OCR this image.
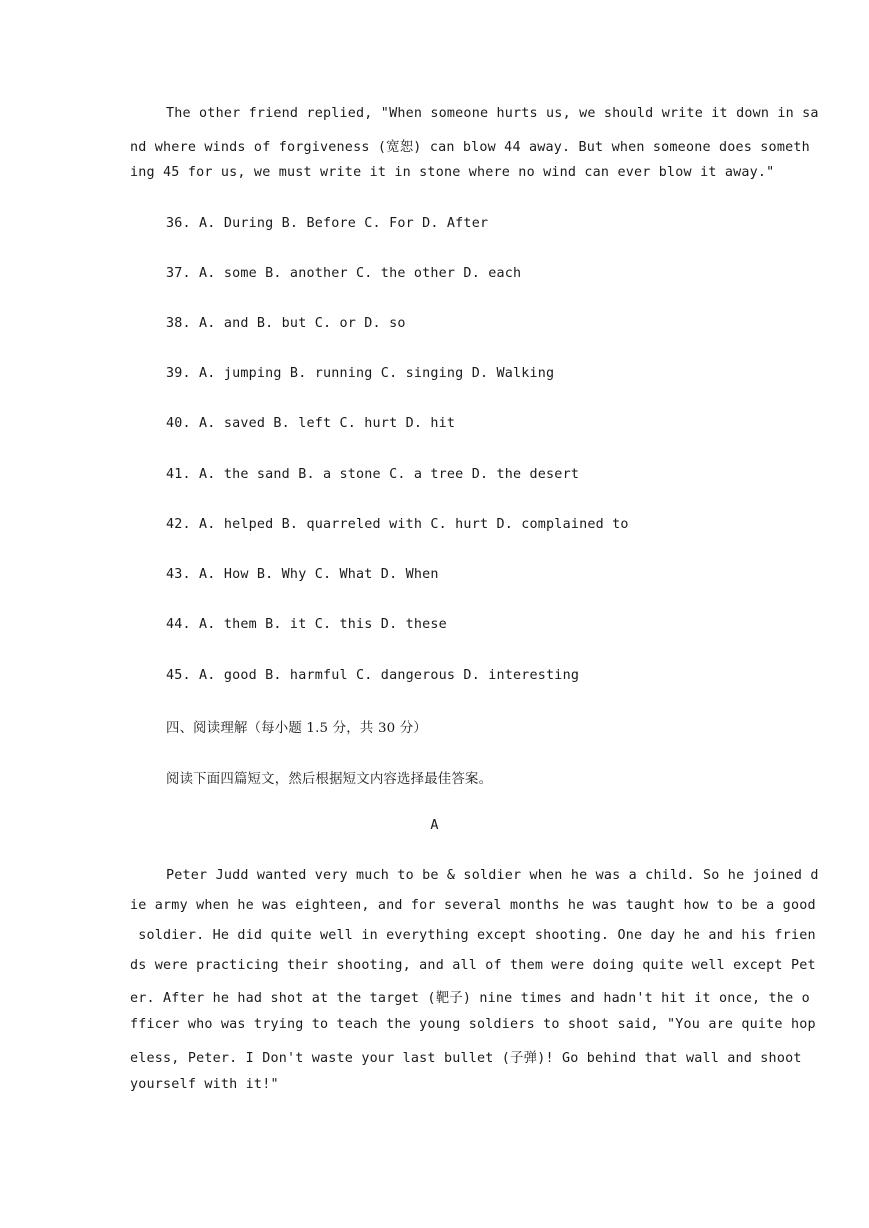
The other friend replied, "When someone hurts us, we should write it down in sa
nd where winds of forgiveness (宽恕) can blow 44 away. But when someone does someth
ing 45 for us, we must write it in stone where no wind can ever blow it away."
36. A. During B. Before C. For D. After
37. A. some B. another C. the other D. each
38. A. and B. but C. or D. so
39. A. jumping B. running C. singing D. Walking
40. A. saved B. left C. hurt D. hit
41. A. the sand B. a stone C. a tree D. the desert
42. A. helped B. quarreled with C. hurt D. complained to
43. A. How B. Why C. What D. When
44. A. them B. it C. this D. these
45. A. good B. harmful C. dangerous D. interesting
四、阅读理解（每小题 1.5 分，共 30 分）
阅读下面四篇短文，然后根据短文内容选择最佳答案。
A
Peter Judd wanted very much to be & soldier when he was a child. So he joined d
ie army when he was eighteen, and for several months he was taught how to be a good
soldier. He did quite well in everything except shooting. One day he and his frien
ds were practicing their shooting, and all of them were doing quite well except Pet
er. After he had shot at the target (靶子) nine times and hadn't hit it once, the o
fficer who was trying to teach the young soldiers to shoot said, "You are quite hop
eless, Peter. I Don't waste your last bullet (子弹)! Go behind that wall and shoot
yourself with it!"
